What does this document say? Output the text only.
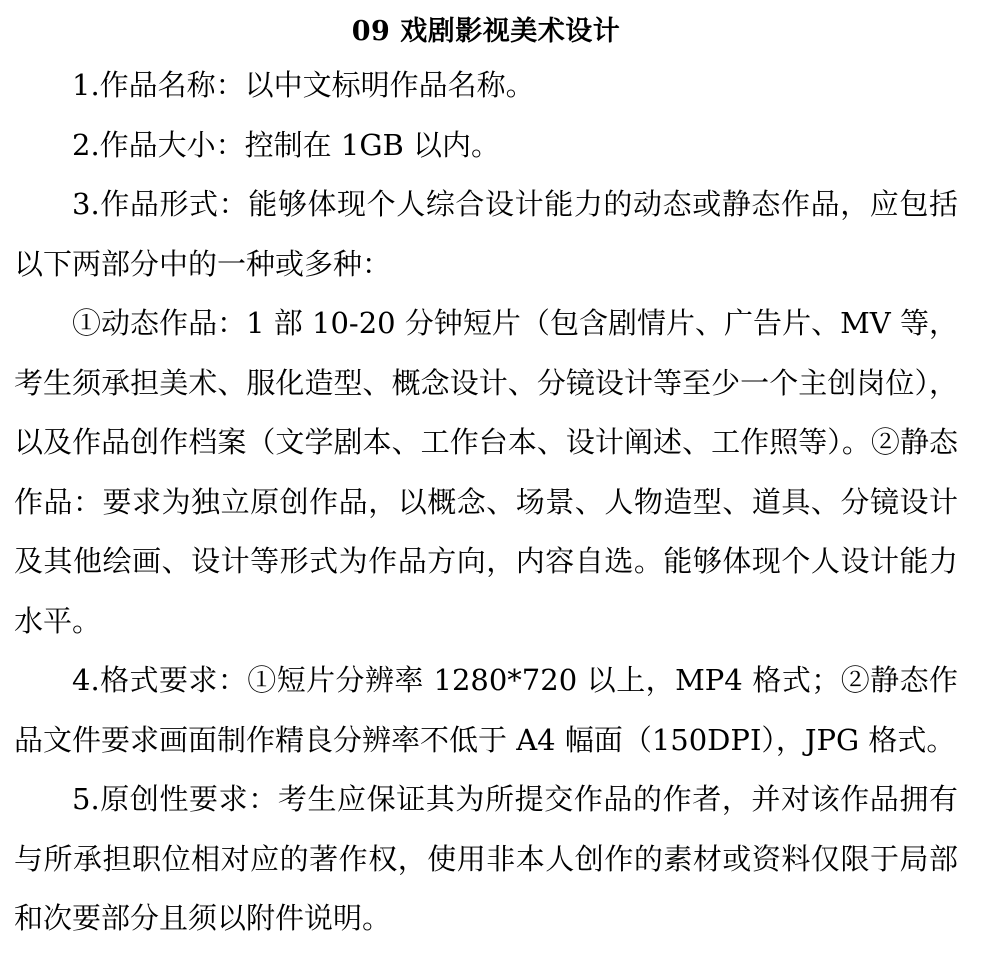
09 戏剧影视美术设计

1.作品名称：以中文标明作品名称。

2.作品大小：控制在 1GB 以内。

3.作品形式：能够体现个人综合设计能力的动态或静态作品，应包括以下两部分中的一种或多种：

①动态作品：1 部 10-20 分钟短片（包含剧情片、广告片、MV 等，考生须承担美术、服化造型、概念设计、分镜设计等至少一个主创岗位），以及作品创作档案（文学剧本、工作台本、设计阐述、工作照等）。②静态作品：要求为独立原创作品，以概念、场景、人物造型、道具、分镜设计及其他绘画、设计等形式为作品方向，内容自选。能够体现个人设计能力水平。

4.格式要求：①短片分辨率 1280*720 以上，MP4 格式；②静态作品文件要求画面制作精良分辨率不低于 A4 幅面（150DPI），JPG 格式。

5.原创性要求：考生应保证其为所提交作品的作者，并对该作品拥有与所承担职位相对应的著作权，使用非本人创作的素材或资料仅限于局部和次要部分且须以附件说明。
